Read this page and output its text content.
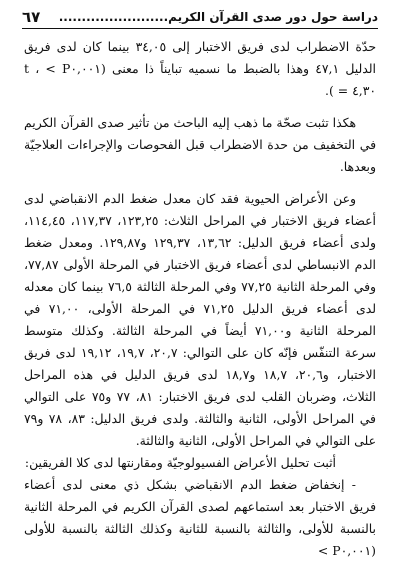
دراسة حول دور صدى القرآن الكريم........................
٦٧

حدّة الاضطراب لدى فريق الاختبار إلى ٣٤,٠٥ بينما كان لدى فريق الدليل ٤٧,١ وهذا بالضبط ما نسميه تبايناً ذا معنى (P٠,٠٠١ > ، t ٤,٣٠ = ).

هكذا تثبت صحّة ما ذهب إليه الباحث من تأثير صدى القرآن الكريم في التخفيف من حدة الاضطراب قبل الفحوصات والإجراءات العلاجيّة وبعدها.

وعن الأعراض الحيوية فقد كان معدل ضغط الدم الانقباضي لدى أعضاء فريق الاختبار في المراحل الثلاث: ١٢٣,٢٥، ١١٧,٣٧، ١١٤,٤٥، ولدى أعضاء فريق الدليل: ١٣,٦٢، ١٢٩,٣٧ و١٢٩,٨٧. ومعدل ضغط الدم الانبساطي لدى أعضاء فريق الاختبار في المرحلة الأولى ٧٧,٨٧، وفي المرحلة الثانية ٧٧,٢٥ وفي المرحلة الثالثة ٧٦,٥ بينما كان معدله لدى أعضاء فريق الدليل ٧١,٢٥ في المرحلة الأولى، ٧١,٠٠ في المرحلة الثانية و٧١,٠٠ أيضاً في المرحلة الثالثة. وكذلك متوسط سرعة التنفّس فإنّه كان على التوالي: ٢٠,٧، ١٩,٧، ١٩,١٢ لدى فريق الاختبار، و٢٠,٦، ١٨,٧ و١٨,٧ لدى فريق الدليل في هذه المراحل الثلاث، وضربان القلب لدى فريق الاختبار: ٨١، ٧٧ و٧٥ على التوالي في المراحل الأولى، الثانية والثالثة. ولدى فريق الدليل: ٨٣، ٧٨ و٧٩ على التوالي في المراحل الأولى، الثانية والثالثة.

أثبت تحليل الأعراض الفسيولوجيّة ومقارنتها لدى كلا الفريقين:

- إنخفاض ضغط الدم الانقباضي بشكل ذي معنى لدى أعضاء فريق الاختبار بعد استماعهم لصدى القرآن الكريم في المرحلة الثانية بالنسبة للأولى، والثالثة بالنسبة للثانية وكذلك الثالثة بالنسبة للأولى (P٠,٠٠١ >
